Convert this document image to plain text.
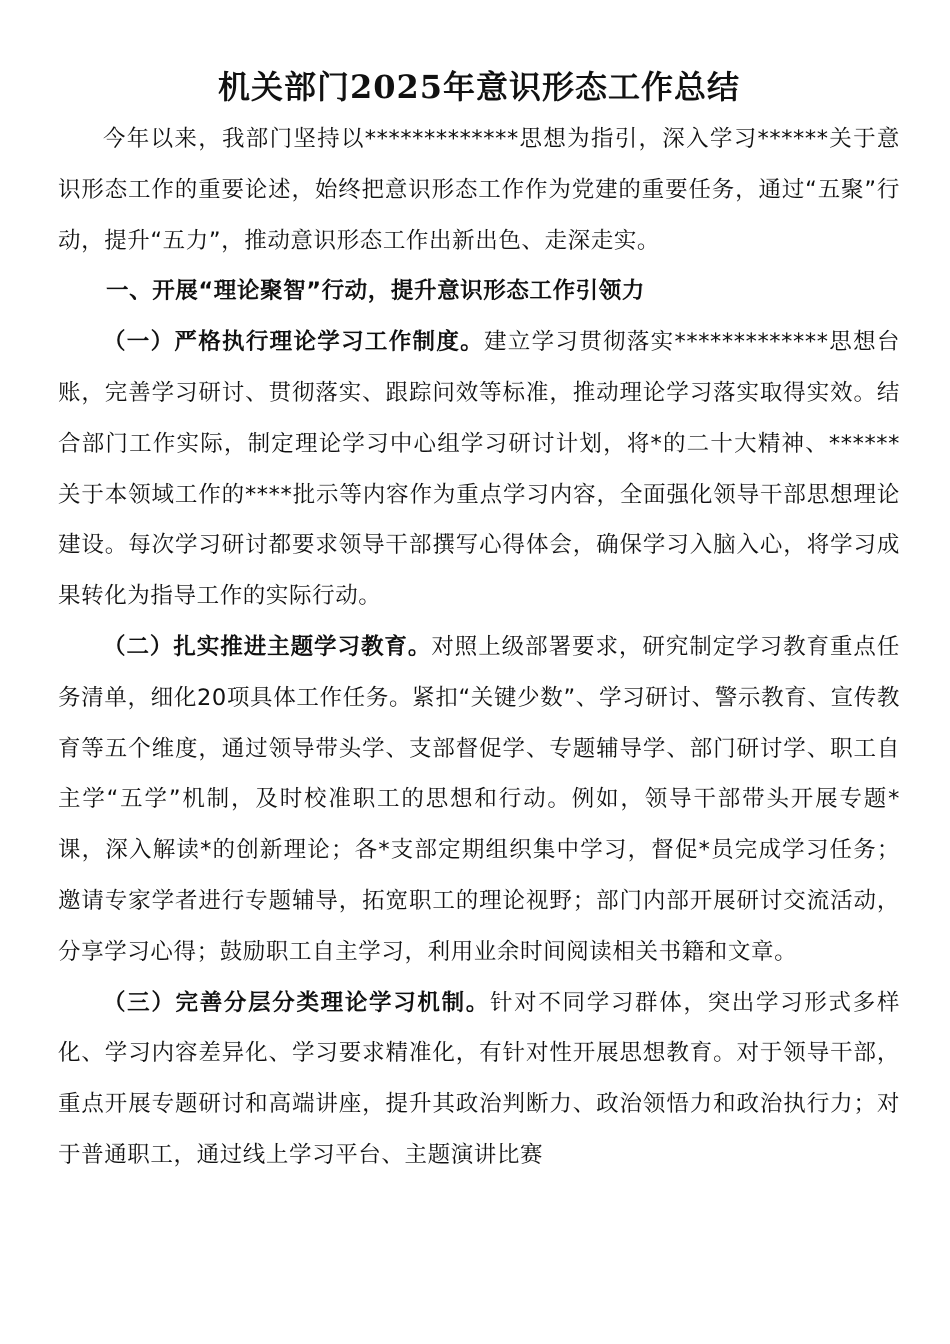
机关部门2025年意识形态工作总结

今年以来，我部门坚持以*************思想为指引，深入学习******关于意识形态工作的重要论述，始终把意识形态工作作为党建的重要任务，通过“五聚”行动，提升“五力”，推动意识形态工作出新出色、走深走实。

一、开展“理论聚智”行动，提升意识形态工作引领力

（一）严格执行理论学习工作制度。建立学习贯彻落实*************思想台账，完善学习研讨、贯彻落实、跟踪问效等标准，推动理论学习落实取得实效。结合部门工作实际，制定理论学习中心组学习研讨计划，将*的二十大精神、******关于本领域工作的****批示等内容作为重点学习内容，全面强化领导干部思想理论建设。每次学习研讨都要求领导干部撰写心得体会，确保学习入脑入心，将学习成果转化为指导工作的实际行动。

（二）扎实推进主题学习教育。对照上级部署要求，研究制定学习教育重点任务清单，细化20项具体工作任务。紧扣“关键少数”、学习研讨、警示教育、宣传教育等五个维度，通过领导带头学、支部督促学、专题辅导学、部门研讨学、职工自主学“五学”机制，及时校准职工的思想和行动。例如，领导干部带头开展专题*课，深入解读*的创新理论；各*支部定期组织集中学习，督促*员完成学习任务；邀请专家学者进行专题辅导，拓宽职工的理论视野；部门内部开展研讨交流活动，分享学习心得；鼓励职工自主学习，利用业余时间阅读相关书籍和文章。

（三）完善分层分类理论学习机制。针对不同学习群体，突出学习形式多样化、学习内容差异化、学习要求精准化，有针对性开展思想教育。对于领导干部，重点开展专题研讨和高端讲座，提升其政治判断力、政治领悟力和政治执行力；对于普通职工，通过线上学习平台、主题演讲比赛
